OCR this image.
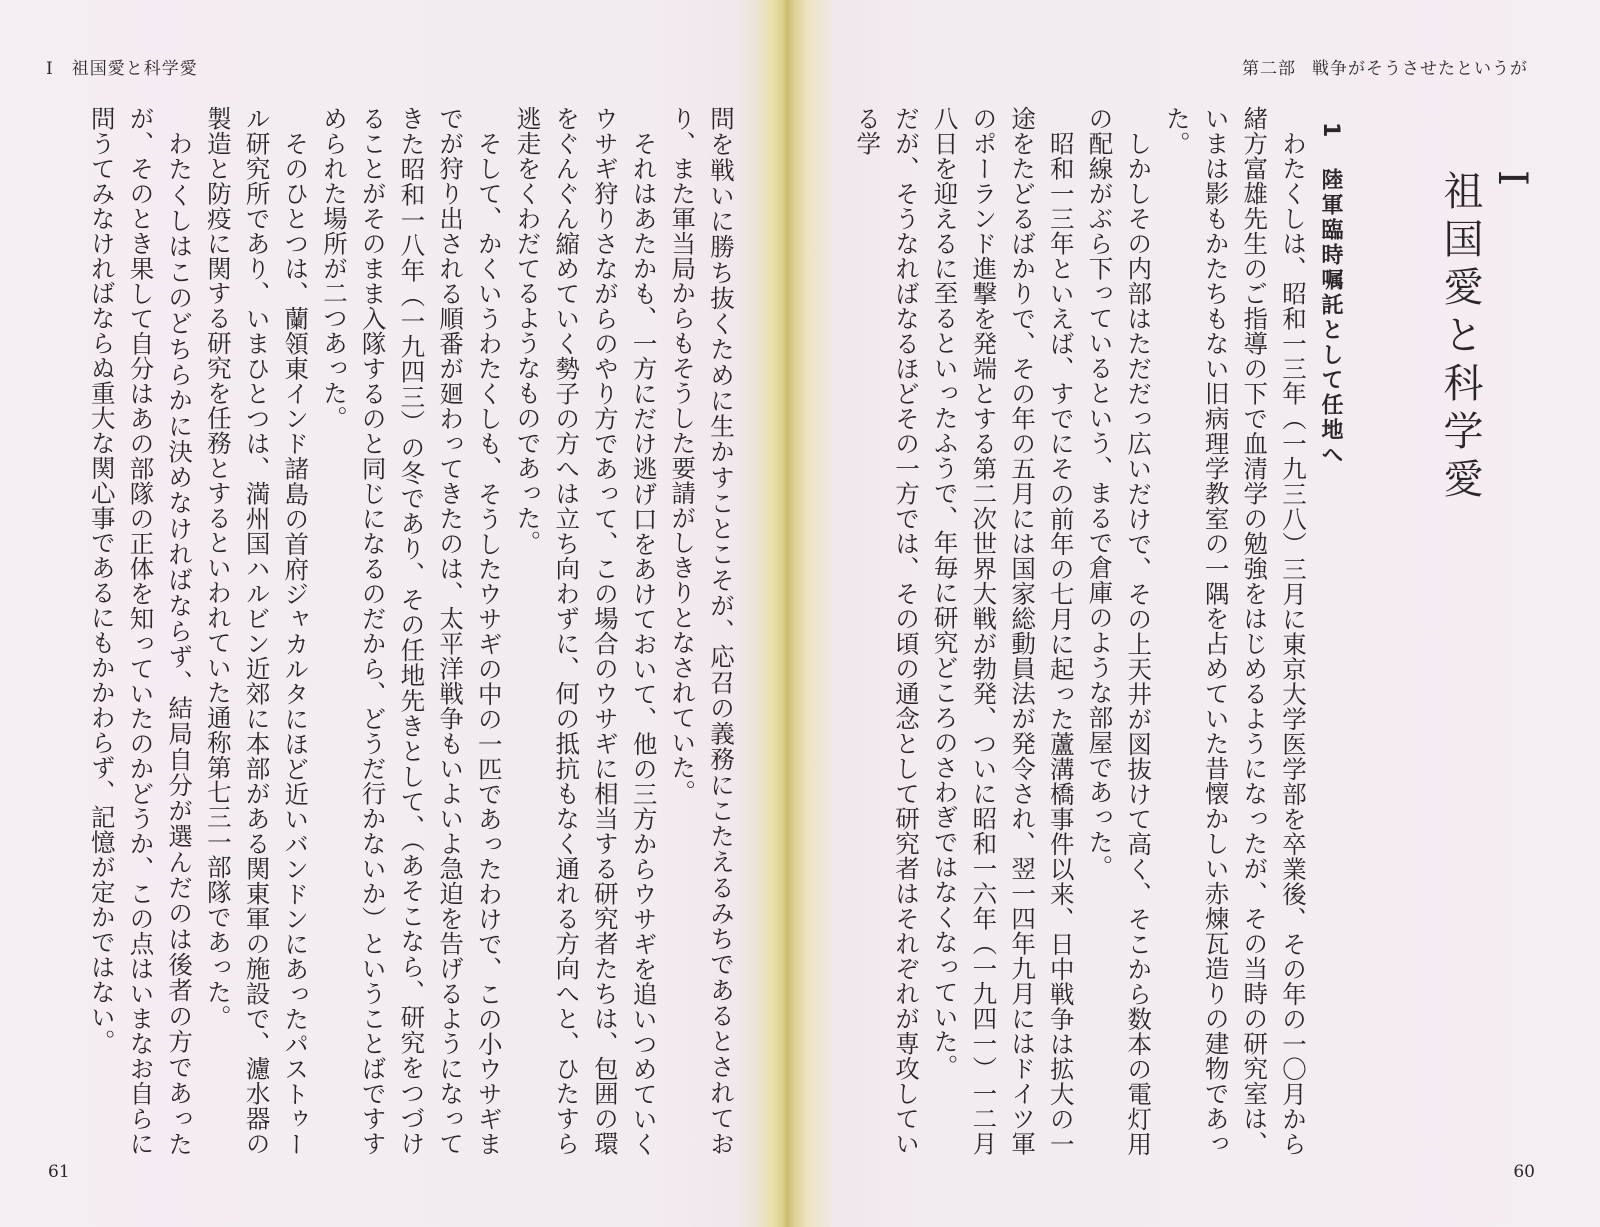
I 祖国愛と科学愛

問を戦いに勝ち抜くために生かすことこそが、応召の義務にこたえるみちであるとされており、また軍当局からもそうした要請がしきりとなされていた。

それはあたかも、一方にだけ逃げ口をあけておいて、他の三方からウサギを追いつめていくウサギ狩りさながらのやり方であって、この場合のウサギに相当する研究者たちは、包囲の環をぐんぐん縮めていく勢子の方へは立ち向わずに、何の抵抗もなく通れる方向へと、ひたすら逃走をくわだてるようなものであった。

そして、かくいうわたくしも、そうしたウサギの中の一匹であったわけで、この小ウサギまでが狩り出される順番が廻わってきたのは、太平洋戦争もいよいよ急迫を告げるようになってきた昭和一八年（一九四三）の冬であり、その任地先きとして、（あそこなら、研究をつづけることがそのまま入隊するのと同じになるのだから、どうだ行かないか）ということばですすめられた場所が二つあった。

そのひとつは、蘭領東インド諸島の首府ジャカルタにほど近いバンドンにあったパストゥール研究所であり、いまひとつは、満州国ハルビン近郊に本部がある関東軍の施設で、濾水器の製造と防疫に関する研究を任務とするといわれていた通称第七三一部隊であった。

わたくしはこのどちらかに決めなければならず、結局自分が選んだのは後者の方であったが、そのとき果して自分はあの部隊の正体を知っていたのかどうか、この点はいまなお自らに問うてみなければならぬ重大な関心事であるにもかかわらず、記憶が定かではない。

61
第二部 戦争がそうさせたというが
60
I
祖国愛と科学愛
1陸軍臨時嘱託として任地へ

わたくしは、昭和一三年（一九三八）三月に東京大学医学部を卒業後、その年の一〇月から緒方富雄先生のご指導の下で血清学の勉強をはじめるようになったが、その当時の研究室は、いまは影もかたちもない旧病理学教室の一隅を占めていた昔懐かしい赤煉瓦造りの建物であった。

しかしその内部はただだっ広いだけで、その上天井が図抜けて高く、そこから数本の電灯用の配線がぶら下っているという、まるで倉庫のような部屋であった。

昭和一三年といえば、すでにその前年の七月に起った蘆溝橋事件以来、日中戦争は拡大の一途をたどるばかりで、その年の五月には国家総動員法が発令され、翌一四年九月にはドイツ軍のポーランド進撃を発端とする第二次世界大戦が勃発、ついに昭和一六年（一九四一）一二月八日を迎えるに至るといったふうで、年毎に研究どころのさわぎではなくなっていた。

だが、そうなればなるほどその一方では、その頃の通念として研究者はそれぞれが専攻している学
